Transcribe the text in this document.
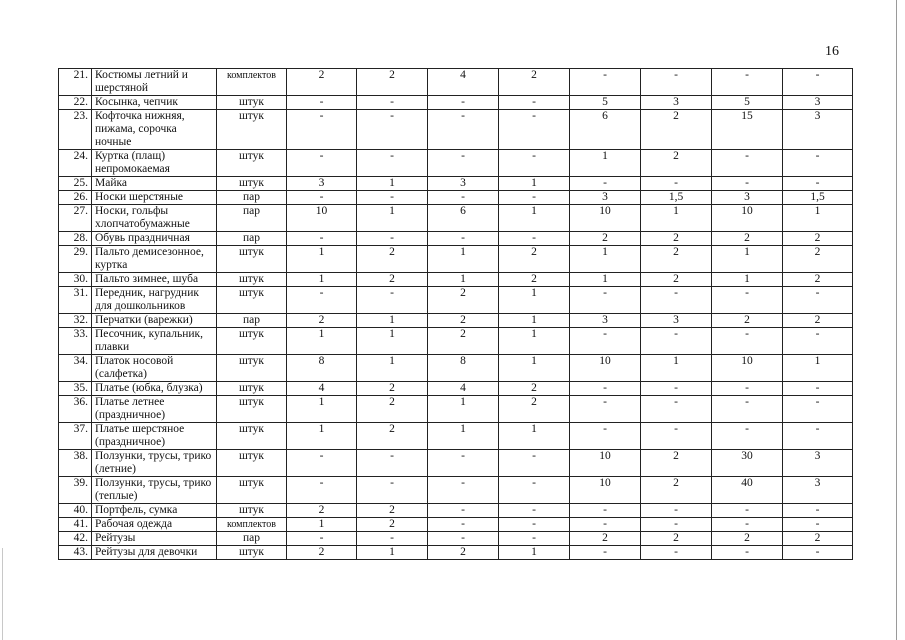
16
21.	Костюмы летний и шерстяной	комплектов	2	2	4	2	-	-	-	-
22.	Косынка, чепчик	штук	-	-	-	-	5	3	5	3
23.	Кофточка нижняя, пижама, сорочка ночные	штук	-	-	-	-	6	2	15	3
24.	Куртка (плащ) непромокаемая	штук	-	-	-	-	1	2	-	-
25.	Майка	штук	3	1	3	1	-	-	-	-
26.	Носки шерстяные	пар	-	-	-	-	3	1,5	3	1,5
27.	Носки, гольфы хлопчатобумажные	пар	10	1	6	1	10	1	10	1
28.	Обувь праздничная	пар	-	-	-	-	2	2	2	2
29.	Пальто демисезонное, куртка	штук	1	2	1	2	1	2	1	2
30.	Пальто зимнее, шуба	штук	1	2	1	2	1	2	1	2
31.	Передник, нагрудник для дошкольников	штук	-	-	2	1	-	-	-	-
32.	Перчатки (варежки)	пар	2	1	2	1	3	3	2	2
33.	Песочник, купальник, плавки	штук	1	1	2	1	-	-	-	-
34.	Платок носовой (салфетка)	штук	8	1	8	1	10	1	10	1
35.	Платье (юбка, блузка)	штук	4	2	4	2	-	-	-	-
36.	Платье летнее (праздничное)	штук	1	2	1	2	-	-	-	-
37.	Платье шерстяное (праздничное)	штук	1	2	1	1	-	-	-	-
38.	Ползунки, трусы, трико (летние)	штук	-	-	-	-	10	2	30	3
39.	Ползунки, трусы, трико (теплые)	штук	-	-	-	-	10	2	40	3
40.	Портфель, сумка	штук	2	2	-	-	-	-	-	-
41.	Рабочая одежда	комплектов	1	2	-	-	-	-	-	-
42.	Рейтузы	пар	-	-	-	-	2	2	2	2
43.	Рейтузы для девочки	штук	2	1	2	1	-	-	-	-
